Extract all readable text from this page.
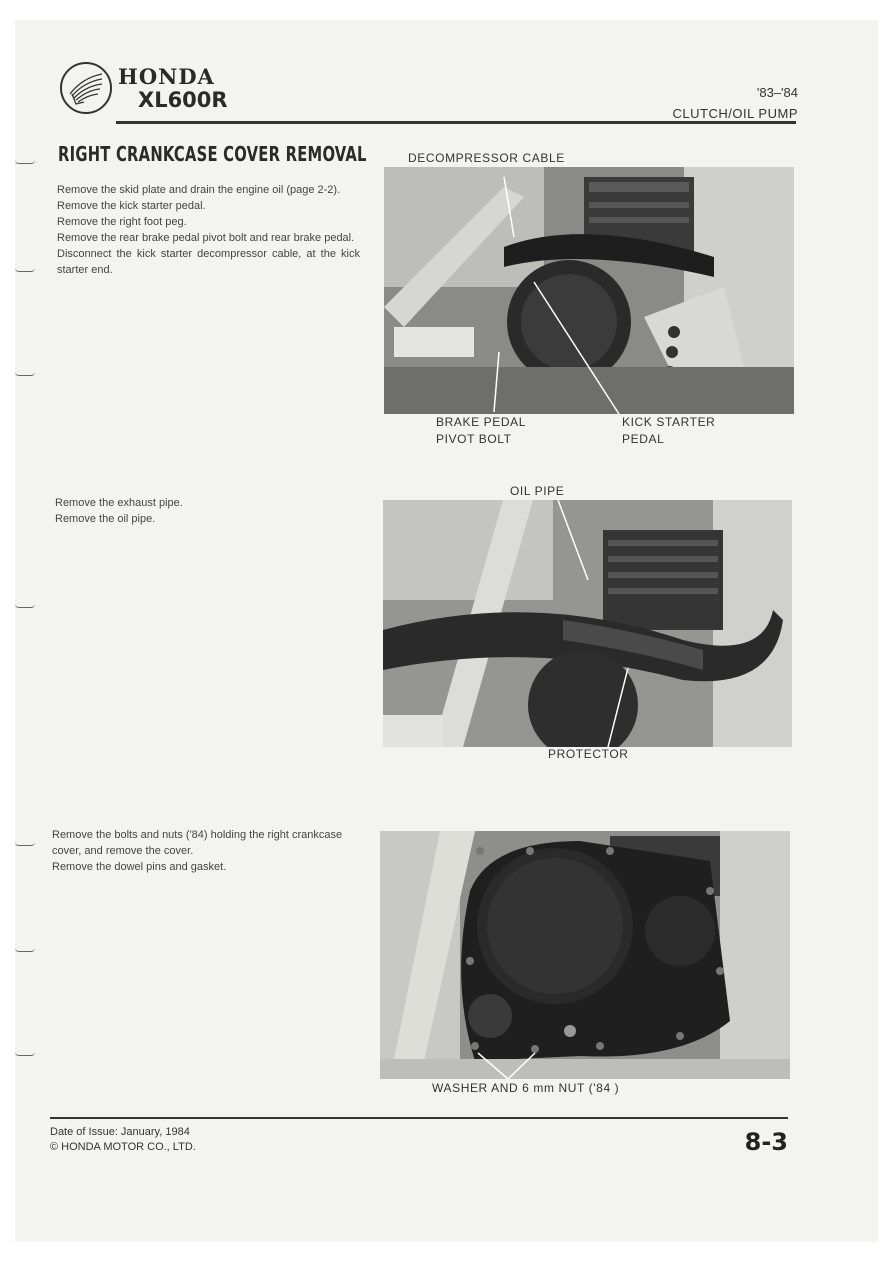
HONDA
XL600R	'83–'84
CLUTCH/OIL PUMP
RIGHT CRANKCASE COVER REMOVAL

Remove the skid plate and drain the engine oil (page 2-2).

Remove the kick starter pedal.

Remove the right foot peg.

Remove the rear brake pedal pivot bolt and rear brake pedal.

Disconnect the kick starter decompressor cable, at the kick starter end.

Remove the exhaust pipe.

Remove the oil pipe.

Remove the bolts and nuts ('84) holding the right crankcase cover, and remove the cover.

Remove the dowel pins and gasket.

DECOMPRESSOR CABLE
BRAKE PEDAL
PIVOT BOLT
KICK STARTER
PEDAL
OIL PIPE
PROTECTOR
WASHER AND 6 mm NUT ('84 )
Date of Issue: January, 1984
© HONDA MOTOR CO., LTD.	8-3
